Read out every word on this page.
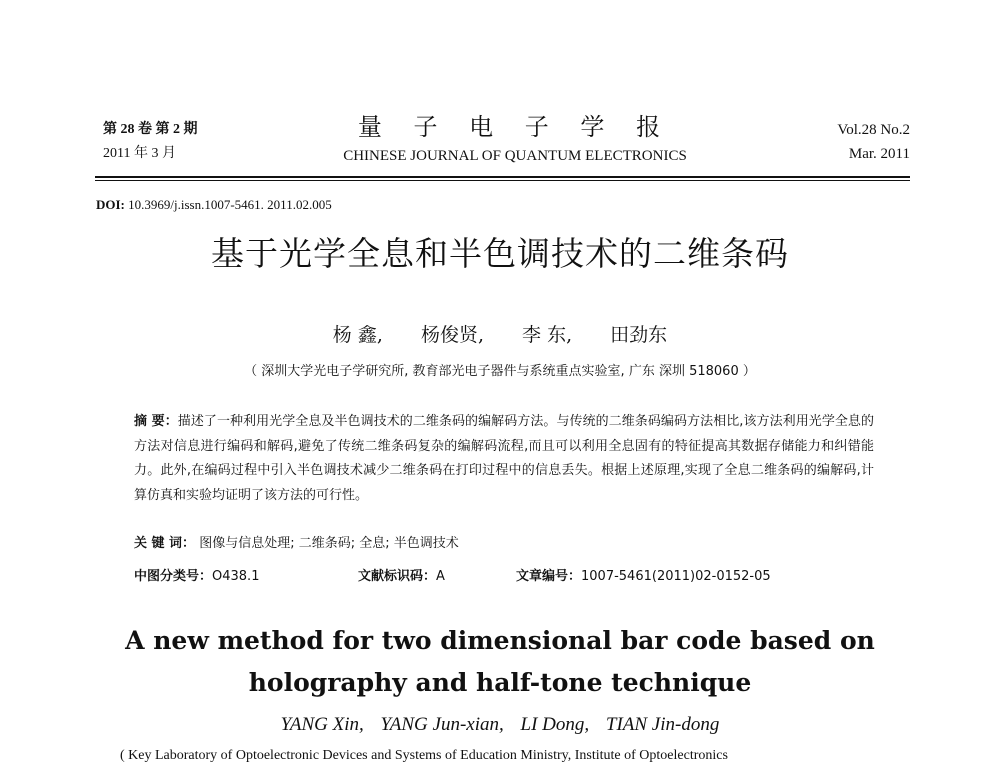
第 28 卷 第 2 期
2011 年 3 月
量 子 电 子 学 报
CHINESE JOURNAL OF QUANTUM ELECTRONICS
Vol.28 No.2
Mar. 2011
DOI: 10.3969/j.issn.1007-5461. 2011.02.005
基于光学全息和半色调技术的二维条码
杨 鑫, 杨俊贤, 李 东, 田劲东
（ 深圳大学光电子学研究所, 教育部光电子器件与系统重点实验室, 广东 深圳 518060 ）
摘 要：描述了一种利用光学全息及半色调技术的二维条码的编解码方法。与传统的二维条码编码方法相比,该方法利用光学全息的方法对信息进行编码和解码,避免了传统二维条码复杂的编解码流程,而且可以利用全息固有的特征提高其数据存储能力和纠错能力。此外,在编码过程中引入半色调技术减少二维条码在打印过程中的信息丢失。根据上述原理,实现了全息二维条码的编解码,计算仿真和实验均证明了该方法的可行性。
关 键 词： 图像与信息处理; 二维条码; 全息; 半色调技术
中图分类号：O438.1	文献标识码：A	文章编号：1007-5461(2011)02-0152-05
A new method for two dimensional bar code based on
holography and half-tone technique
YANG Xin, YANG Jun-xian, LI Dong, TIAN Jin-dong
( Key Laboratory of Optoelectronic Devices and Systems of Education Ministry, Institute of Optoelectronics
